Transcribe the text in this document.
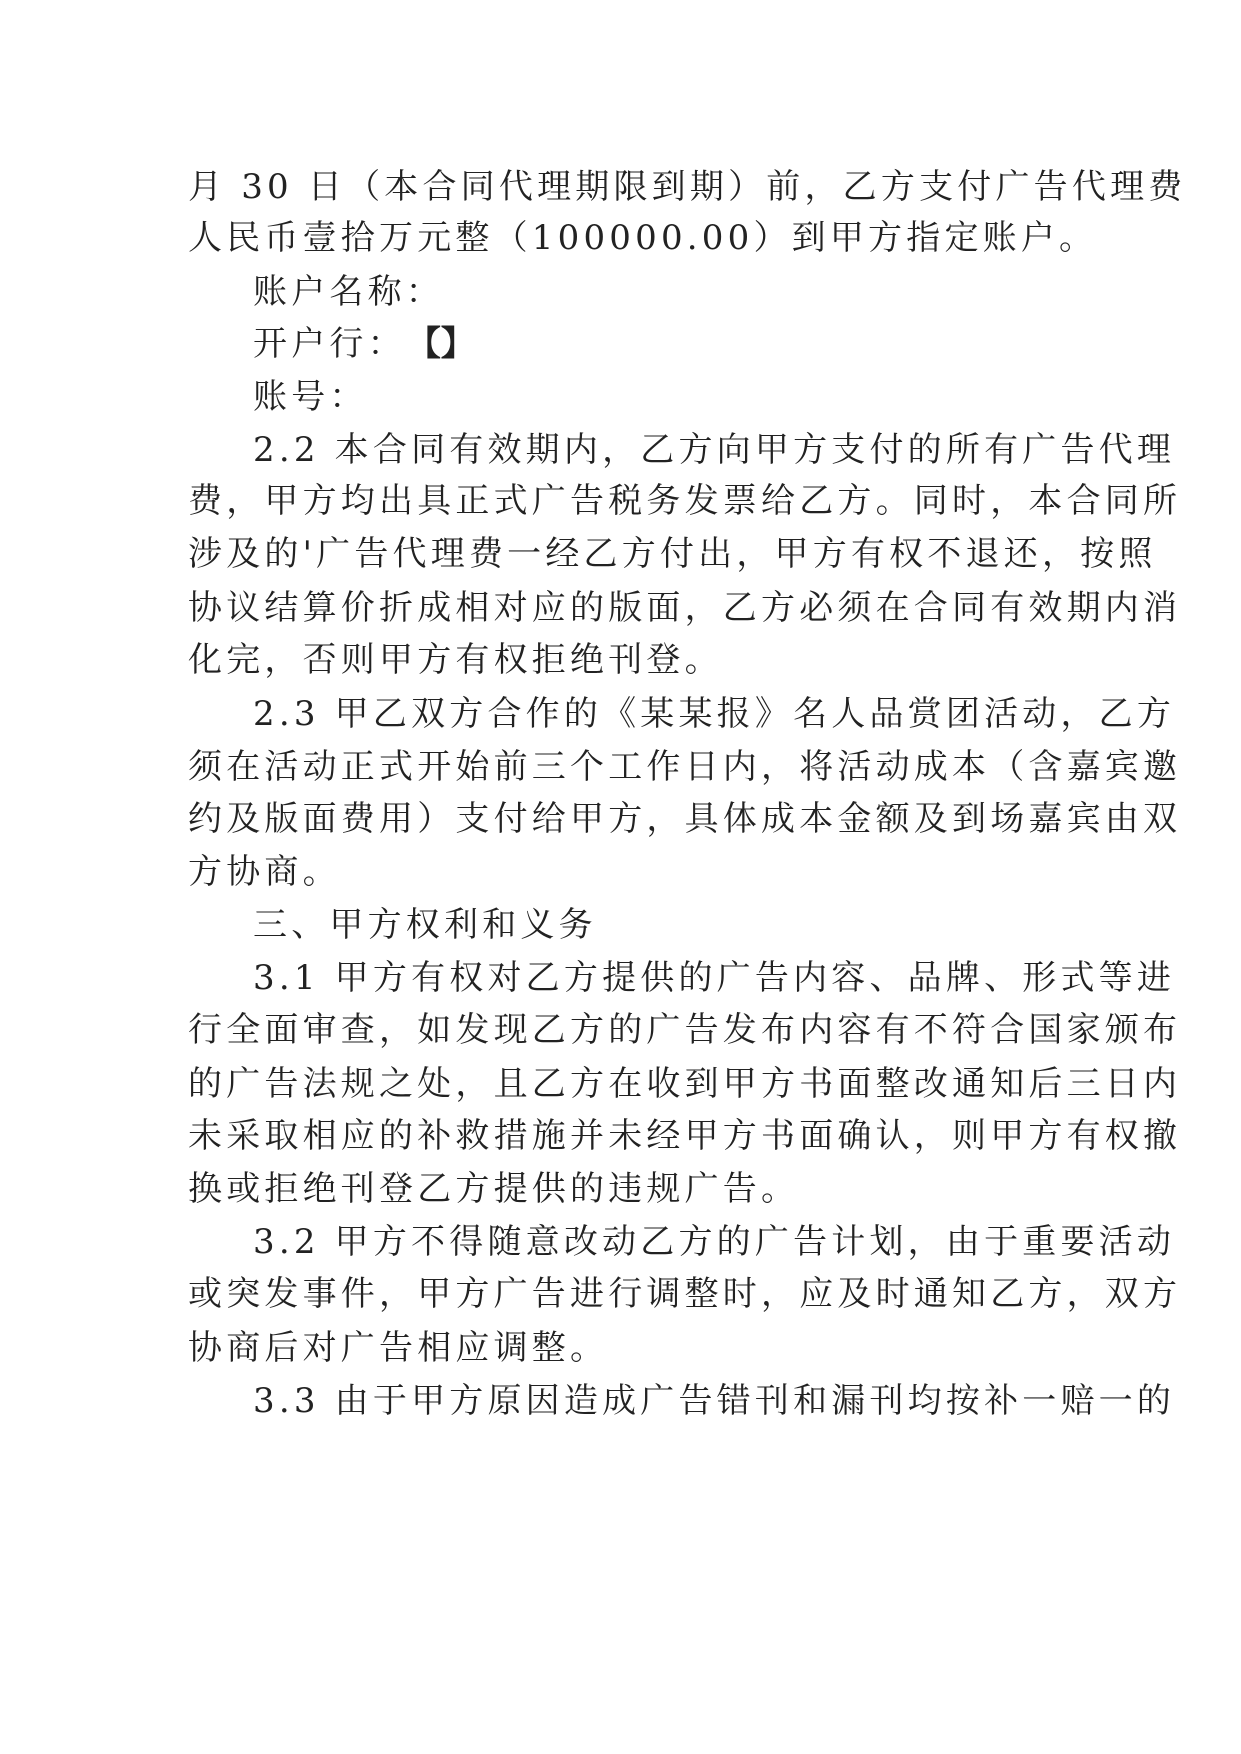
月 30 日（本合同代理期限到期）前，乙方支付广告代理费
人民币壹拾万元整（100000.00）到甲方指定账户。
账户名称：
开户行： 【】
账号：
2.2 本合同有效期内，乙方向甲方支付的所有广告代理
费，甲方均出具正式广告税务发票给乙方。同时，本合同所
涉及的'广告代理费一经乙方付出，甲方有权不退还，按照
协议结算价折成相对应的版面，乙方必须在合同有效期内消
化完，否则甲方有权拒绝刊登。
2.3 甲乙双方合作的《某某报》名人品赏团活动，乙方
须在活动正式开始前三个工作日内，将活动成本（含嘉宾邀
约及版面费用）支付给甲方，具体成本金额及到场嘉宾由双
方协商。
三、甲方权利和义务
3.1 甲方有权对乙方提供的广告内容、品牌、形式等进
行全面审查，如发现乙方的广告发布内容有不符合国家颁布
的广告法规之处，且乙方在收到甲方书面整改通知后三日内
未采取相应的补救措施并未经甲方书面确认，则甲方有权撤
换或拒绝刊登乙方提供的违规广告。
3.2 甲方不得随意改动乙方的广告计划，由于重要活动
或突发事件，甲方广告进行调整时，应及时通知乙方，双方
协商后对广告相应调整。
3.3 由于甲方原因造成广告错刊和漏刊均按补一赔一的
